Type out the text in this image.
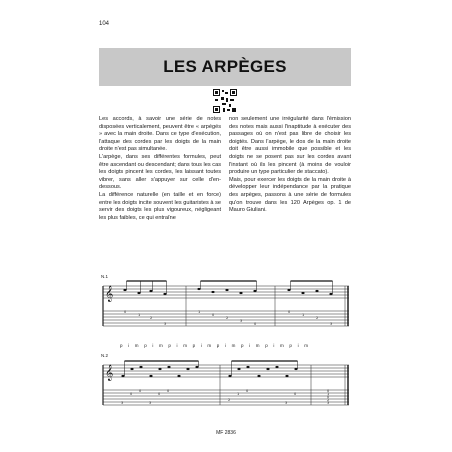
104
LES ARPÈGES

Les accords, à savoir une série de notes disposées verticalement, peuvent être « arpégés » avec la main droite. Dans ce type d'exécution, l'attaque des cordes par les doigts de la main droite n'est pas simultanée.

L'arpège, dans ses différentes formules, peut être ascendant ou descendant; dans tous les cas les doigts pincent les cordes, les laissant toutes vibrer, sans aller s'appuyer sur celle d'en-dessous.

La différence naturelle (en taille et en force) entre les doigts incite souvent les guitaristes à se servir des doigts les plus vigoureux, négligeant les plus faibles, ce qui entraîne

non seulement une irrégularité dans l'émission des notes mais aussi l'inaptitude à exécuter des passages où on n'est pas libre de choisir les doigtés. Dans l'arpège, le dos de la main droite doit être aussi immobile que possible et les doigts ne se posent pas sur les cordes avant l'instant où ils les pincent (à moins de vouloir produire un type particulier de staccato).

Mais, pour exercer les doigts de la main droite à développer leur indépendance par la pratique des arpèges, passons à une série de formules qu'on trouve dans les 120 Arpèges op. 1 de Mauro Giuliani.

N.1
𝄞
0
1
2
3
1
0
2
3
0
0
1
2
3
N.2
p i m p i m p i m p i m p i m p i m p i m p i m
𝄞
3
0
0
3
0
0
2
1
0
3
0
0
1
0
2
3
MF 2836
